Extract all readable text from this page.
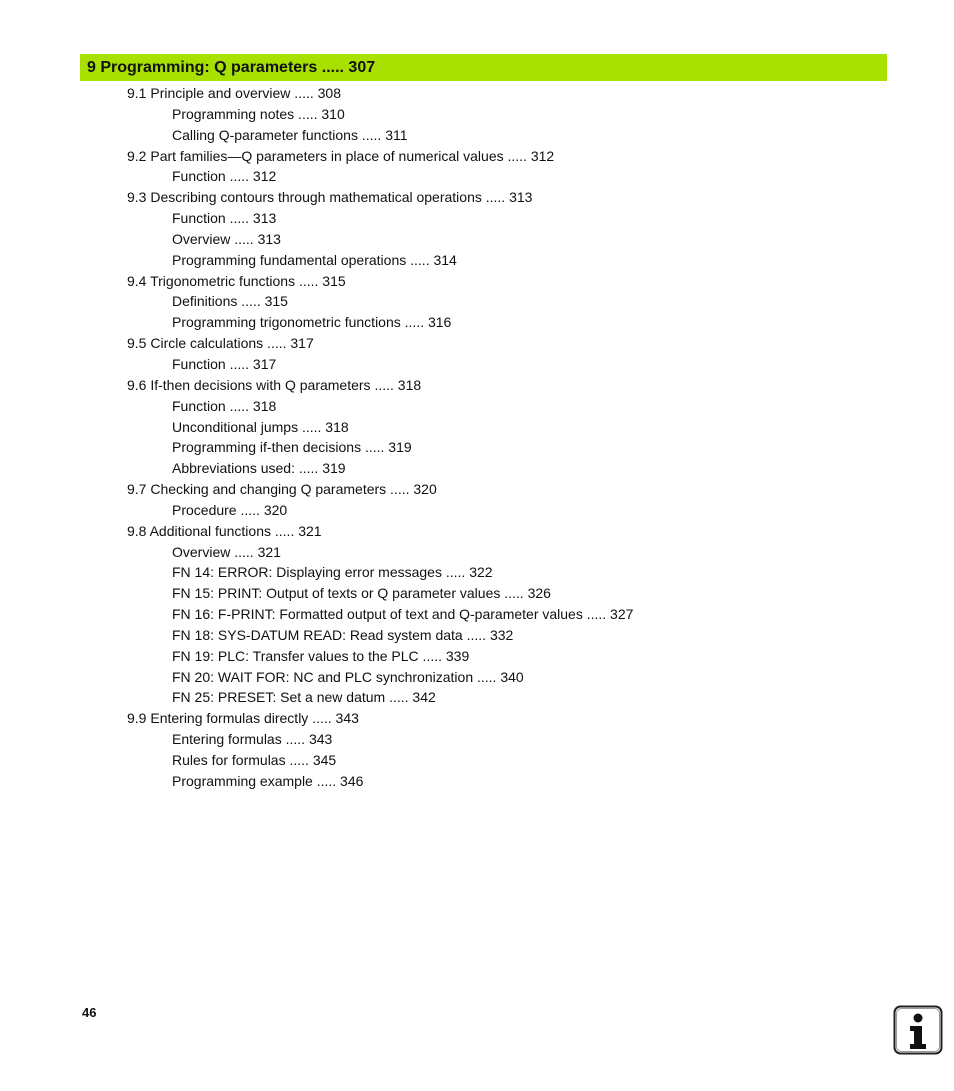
9 Programming: Q parameters ..... 307
9.1 Principle and overview ..... 308
Programming notes ..... 310
Calling Q-parameter functions ..... 311
9.2 Part families—Q parameters in place of numerical values ..... 312
Function ..... 312
9.3 Describing contours through mathematical operations ..... 313
Function ..... 313
Overview ..... 313
Programming fundamental operations ..... 314
9.4 Trigonometric functions ..... 315
Definitions ..... 315
Programming trigonometric functions ..... 316
9.5 Circle calculations ..... 317
Function ..... 317
9.6 If-then decisions with Q parameters ..... 318
Function ..... 318
Unconditional jumps ..... 318
Programming if-then decisions ..... 319
Abbreviations used: ..... 319
9.7 Checking and changing Q parameters ..... 320
Procedure ..... 320
9.8 Additional functions ..... 321
Overview ..... 321
FN 14: ERROR: Displaying error messages ..... 322
FN 15: PRINT: Output of texts or Q parameter values ..... 326
FN 16: F-PRINT: Formatted output of text and Q-parameter values ..... 327
FN 18: SYS-DATUM READ: Read system data ..... 332
FN 19: PLC: Transfer values to the PLC ..... 339
FN 20: WAIT FOR: NC and PLC synchronization ..... 340
FN 25: PRESET: Set a new datum ..... 342
9.9 Entering formulas directly ..... 343
Entering formulas ..... 343
Rules for formulas ..... 345
Programming example ..... 346
46
